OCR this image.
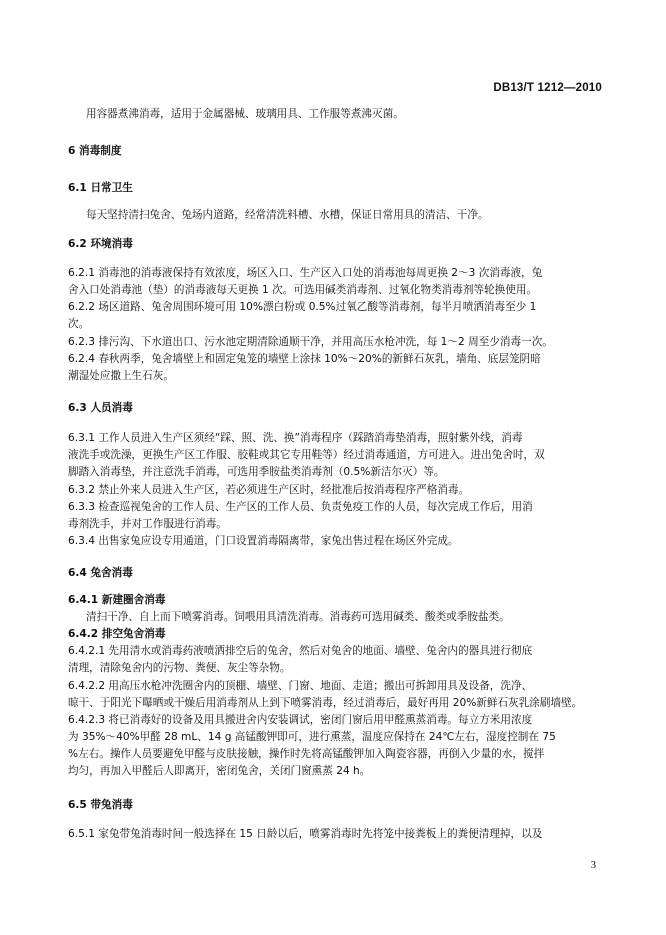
DB13/T 1212—2010
用容器煮沸消毒，适用于金属器械、玻璃用具、工作服等煮沸灭菌。
6 消毒制度
6.1 日常卫生
每天坚持清扫兔舍、兔场内道路，经常清洗料槽、水槽，保证日常用具的清洁、干净。
6.2 环境消毒
6.2.1 消毒池的消毒液保持有效浓度，场区入口、生产区入口处的消毒池每周更换 2～3 次消毒液，兔
舍入口处消毒池（垫）的消毒液每天更换 1 次。可选用碱类消毒剂、过氧化物类消毒剂等轮换使用。
6.2.2 场区道路、兔舍周围环境可用 10%漂白粉或 0.5%过氧乙酸等消毒剂，每半月喷洒消毒至少 1
次。
6.2.3 排污沟、下水道出口、污水池定期清除通顺干净，并用高压水枪冲洗，每 1～2 周至少消毒一次。
6.2.4 春秋两季，兔舍墙壁上和固定兔笼的墙壁上涂抹 10%～20%的新鲜石灰乳，墙角、底层笼阴暗
潮湿处应撒上生石灰。
6.3 人员消毒
6.3.1 工作人员进入生产区须经“踩、照、洗、换”消毒程序（踩踏消毒垫消毒，照射紫外线，消毒
液洗手或洗澡，更换生产区工作服、胶鞋或其它专用鞋等）经过消毒通道，方可进入。进出兔舍时，双
脚踏入消毒垫，并注意洗手消毒，可选用季胺盐类消毒剂（0.5%新洁尔灭）等。
6.3.2 禁止外来人员进入生产区，若必须进生产区时，经批准后按消毒程序严格消毒。
6.3.3 检查巡视兔舍的工作人员、生产区的工作人员、负责免疫工作的人员，每次完成工作后，用消
毒剂洗手，并对工作服进行消毒。
6.3.4 出售家兔应设专用通道，门口设置消毒隔离带，家兔出售过程在场区外完成。
6.4 兔舍消毒
6.4.1 新建圈舍消毒
清扫干净、自上而下喷雾消毒。饲喂用具清洗消毒。消毒药可选用碱类、酸类或季胺盐类。
6.4.2 排空兔舍消毒
6.4.2.1 先用清水或消毒药液喷洒排空后的兔舍，然后对兔舍的地面、墙壁、兔舍内的器具进行彻底
清理，清除兔舍内的污物、粪便、灰尘等杂物。
6.4.2.2 用高压水枪冲洗圈舍内的顶棚、墙壁、门窗、地面、走道；搬出可拆卸用具及设备，洗净、
晾干、于阳光下曝晒或干燥后用消毒剂从上到下喷雾消毒，经过消毒后，最好再用 20%新鲜石灰乳涂刷墙壁。
6.4.2.3 将已消毒好的设备及用具搬进舍内安装调试，密闭门窗后用甲醛熏蒸消毒。每立方米用浓度
为 35%～40%甲醛 28 mL、14 g 高锰酸钾即可，进行熏蒸，温度应保持在 24℃左右，湿度控制在 75
%左右。操作人员要避免甲醛与皮肤接触，操作时先将高锰酸钾加入陶瓷容器，再倒入少量的水，搅拌
均匀，再加入甲醛后人即离开，密闭兔舍，关闭门窗熏蒸 24 h。
6.5 带兔消毒
6.5.1 家兔带兔消毒时间一般选择在 15 日龄以后，喷雾消毒时先将笼中接粪板上的粪便清理掉，以及
3
